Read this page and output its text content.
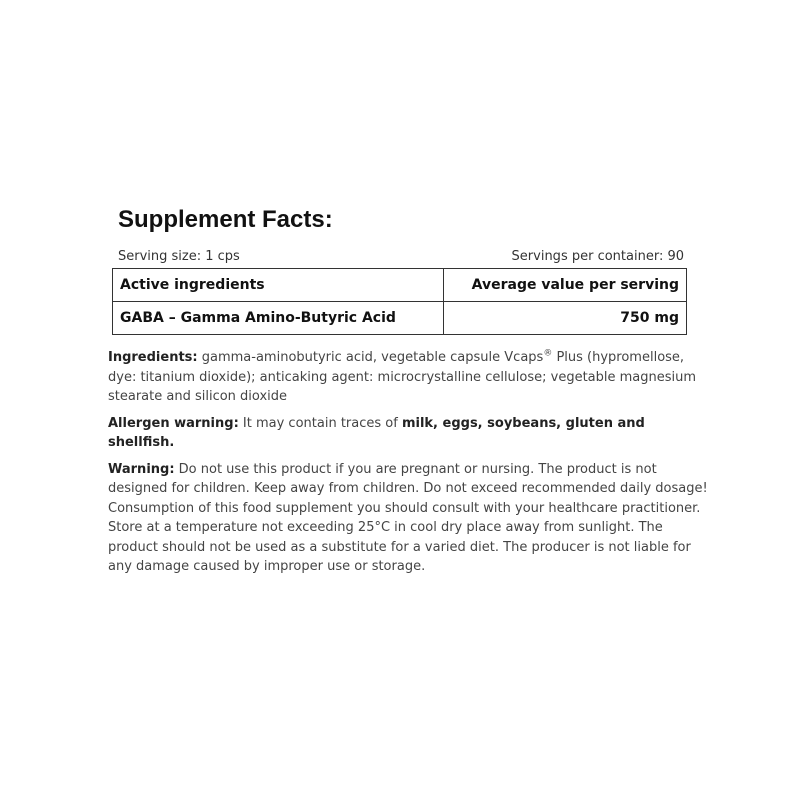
Supplement Facts:
Serving size: 1 cps	Servings per container: 90
Active ingredients	Average value per serving
GABA – Gamma Amino-Butyric Acid	750 mg

Ingredients: gamma-aminobutyric acid, vegetable capsule Vcaps® Plus (hypromellose, dye: titanium dioxide); anticaking agent: microcrystalline cellulose; vegetable magnesium stearate and silicon dioxide

Allergen warning: It may contain traces of milk, eggs, soybeans, gluten and shellfish.

Warning: Do not use this product if you are pregnant or nursing. The product is not designed for children. Keep away from children. Do not exceed recommended daily dosage! Consumption of this food supplement you should consult with your healthcare practitioner. Store at a temperature not exceeding 25°C in cool dry place away from sunlight. The product should not be used as a substitute for a varied diet. The producer is not liable for any damage caused by improper use or storage.
